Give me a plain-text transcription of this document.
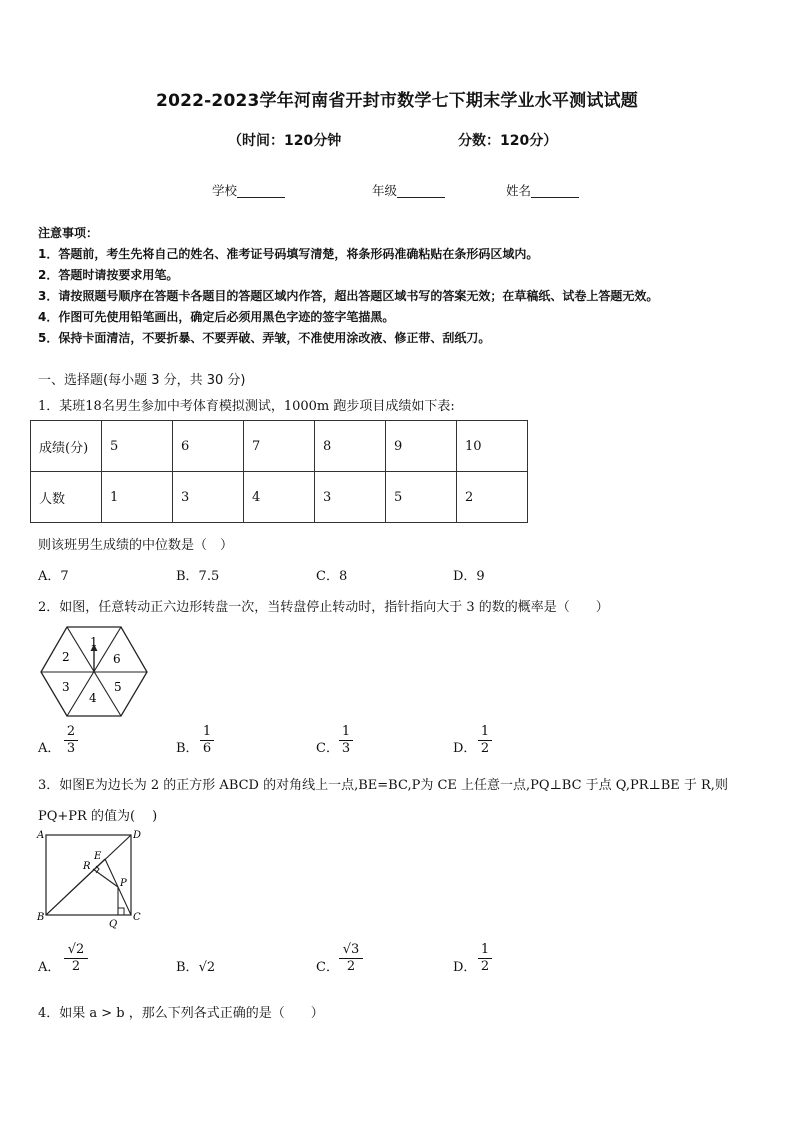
2022-2023学年河南省开封市数学七下期末学业水平测试试题
（时间：120分钟	分数：120分）
学校	年级	姓名
注意事项：
1．答题前，考生先将自己的姓名、准考证号码填写清楚，将条形码准确粘贴在条形码区域内。
2．答题时请按要求用笔。
3．请按照题号顺序在答题卡各题目的答题区域内作答，超出答题区域书写的答案无效；在草稿纸、试卷上答题无效。
4．作图可先使用铅笔画出，确定后必须用黑色字迹的签字笔描黑。
5．保持卡面清洁，不要折暴、不要弄破、弄皱，不准使用涂改液、修正带、刮纸刀。
一、选择题(每小题 3 分，共 30 分)
1．某班18名男生参加中考体育模拟测试，1000m 跑步项目成绩如下表:
成绩(分)	5	6	7	8	9	10
人数	1	3	4	3	5	2
则该班男生成绩的中位数是（　）
A．7	B．7.5	C．8	D．9
2．如图，任意转动正六边形转盘一次，当转盘停止转动时，指针指向大于 3 的数的概率是（　　）
1
6
5
4
3
2
A． $\frac{2}{3}$	B． $\frac{1}{6}$	C． $\frac{1}{3}$	D． $\frac{1}{2}$
3．如图E为边长为 2 的正方形 ABCD 的对角线上一点,BE=BC,P为 CE 上任意一点,PQ⊥BC 于点 Q,PR⊥BE 于 R,则
PQ+PR 的值为(　 )
A	D
B	C
E
R
P
Q
A． $\frac{√2}{2}$	B．√2	C． $\frac{√3}{2}$	D． $\frac{1}{2}$
4．如果 a > b ，那么下列各式正确的是（　　）
